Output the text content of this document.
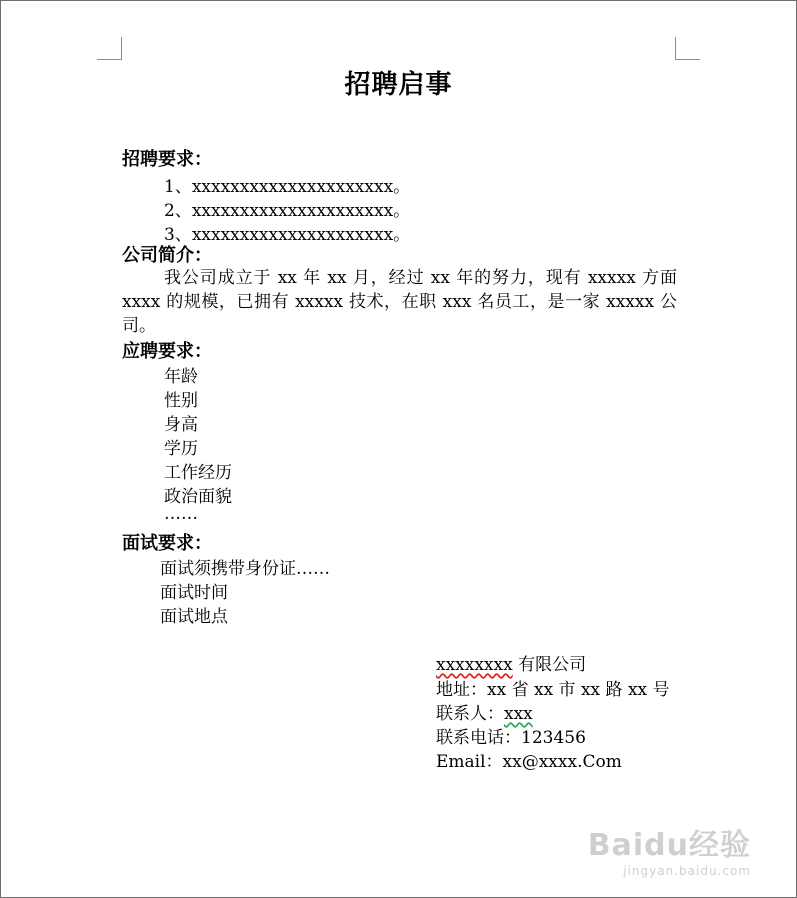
招聘启事
招聘要求：
1、xxxxxxxxxxxxxxxxxxxxx。
2、xxxxxxxxxxxxxxxxxxxxx。
3、xxxxxxxxxxxxxxxxxxxxx。
公司简介：
我公司成立于 xx 年 xx 月，经过 xx 年的努力，现有 xxxxx 方面 xxxx 的规模，已拥有 xxxxx 技术，在职 xxx 名员工，是一家 xxxxx 公司。
应聘要求：
年龄
性别
身高
学历
工作经历
政治面貌
……
面试要求：
面试须携带身份证……
面试时间
面试地点
xxxxxxxx 有限公司
地址：xx 省 xx 市 xx 路 xx 号
联系人：xxx
联系电话：123456
Email：xx@xxxx.Com
Baidu经验
jingyan.baidu.com
